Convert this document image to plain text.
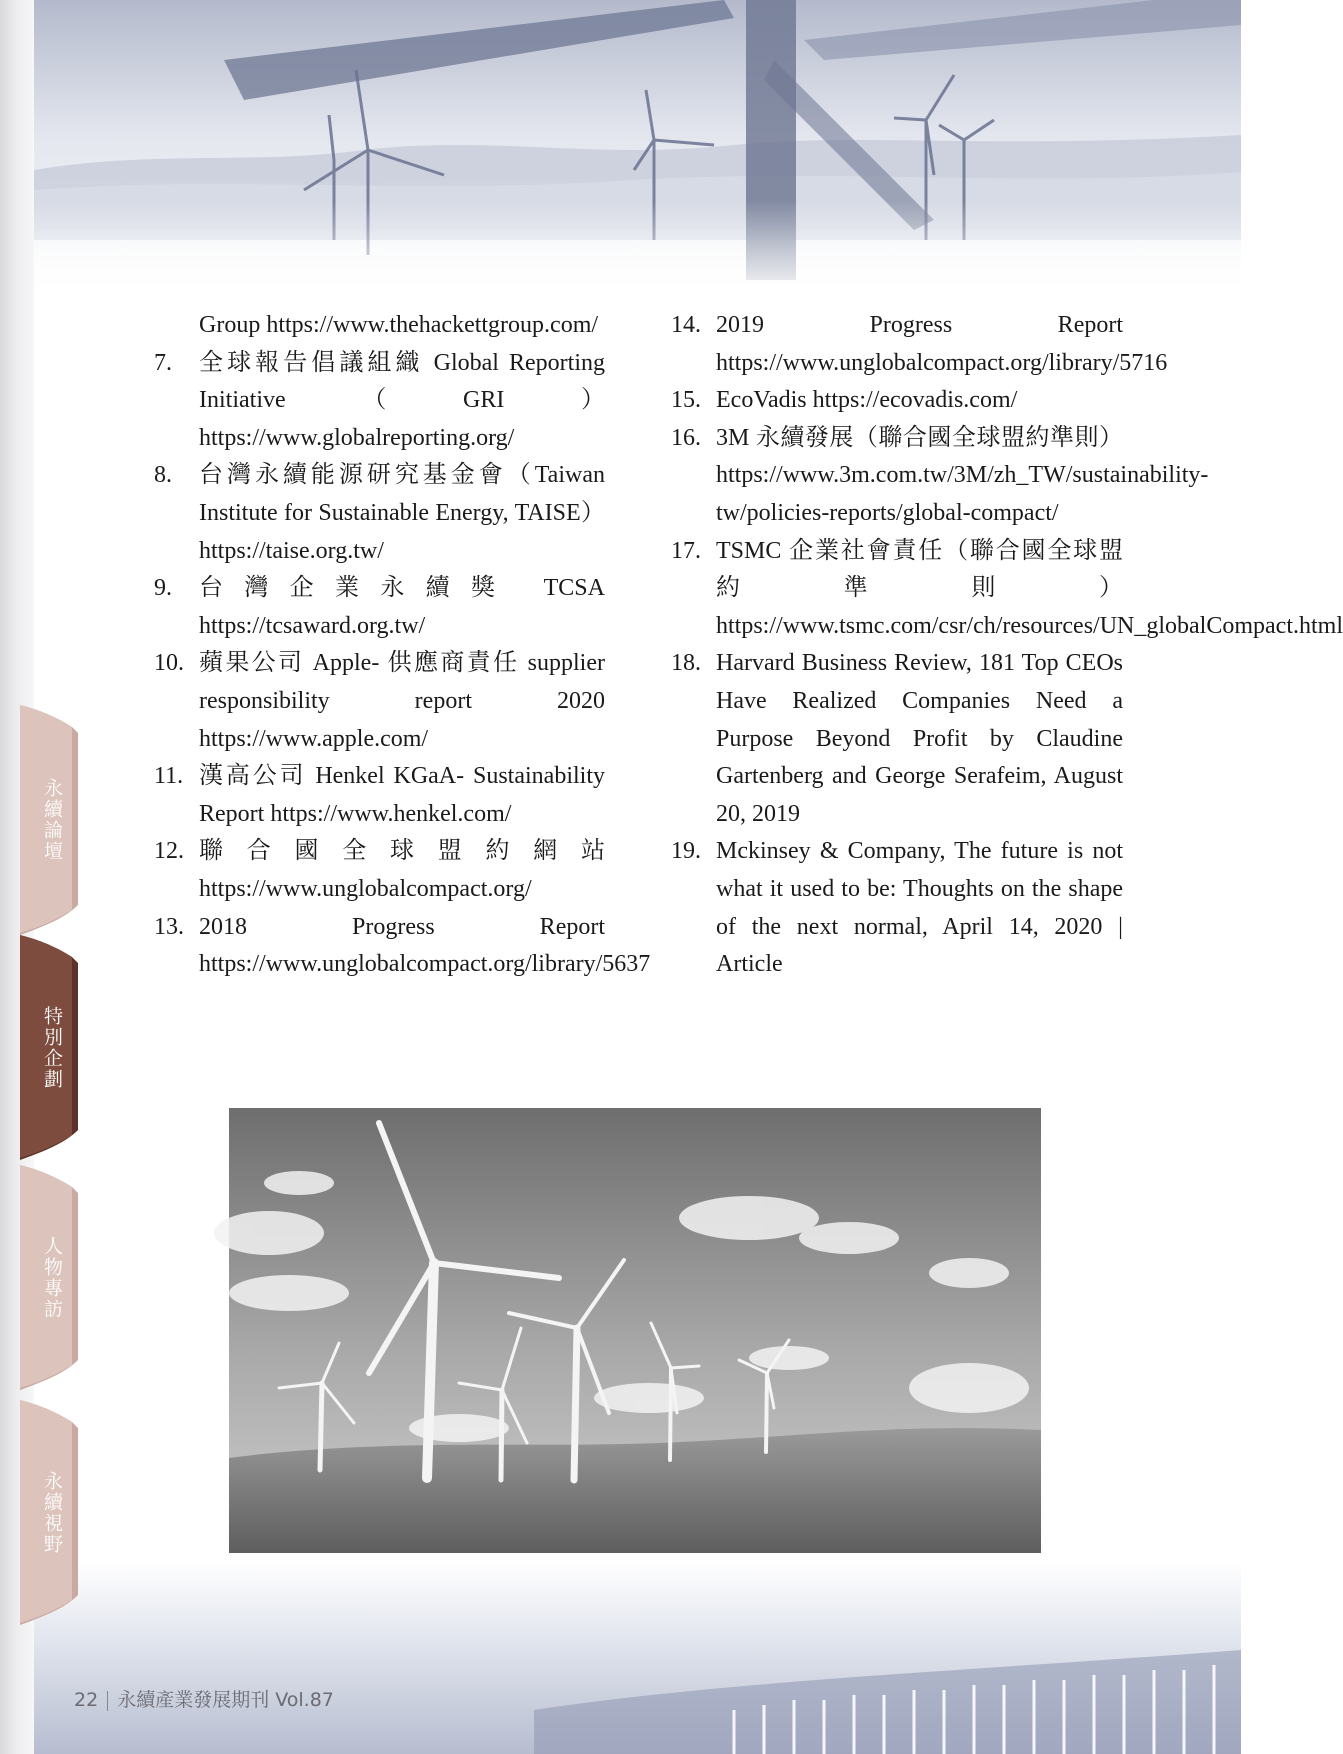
Group https://www.thehackettgroup.com/
7.	全球報告倡議組織 Global Reporting Initiative（GRI）https://www.globalreporting.org/
8.	台灣永續能源研究基金會（Taiwan Institute for Sustainable Energy, TAISE） https://taise.org.tw/
9.	台灣企業永續獎 TCSA https://tcsaward.org.tw/
10. 蘋果公司 Apple- 供應商責任 supplier responsibility report 2020 https://www.apple.com/
11. 漢高公司 Henkel KGaA- Sustainability Report https://www.henkel.com/
12. 聯合國全球盟約網站 https://www.unglobalcompact.org/
13. 2018 Progress Report https://www.unglobalcompact.org/library/5637
14. 2019 Progress Report https://www.unglobalcompact.org/library/5716
15. EcoVadis https://ecovadis.com/
16. 3M 永續發展（聯合國全球盟約準則）https://www.3m.com.tw/3M/zh_TW/sustainability-tw/policies-reports/global-compact/
17. TSMC 企業社會責任（聯合國全球盟約準則）https://www.tsmc.com/csr/ch/resources/UN_globalCompact.html
18. Harvard Business Review, 181 Top CEOs Have Realized Companies Need a Purpose Beyond Profit by Claudine Gartenberg and George Serafeim, August 20, 2019
19. Mckinsey & Company, The future is not what it used to be: Thoughts on the shape of the next normal, April 14, 2020 | Article
永續論壇
特別企劃
人物專訪
永續視野
22 永續產業發展期刊 Vol.87
